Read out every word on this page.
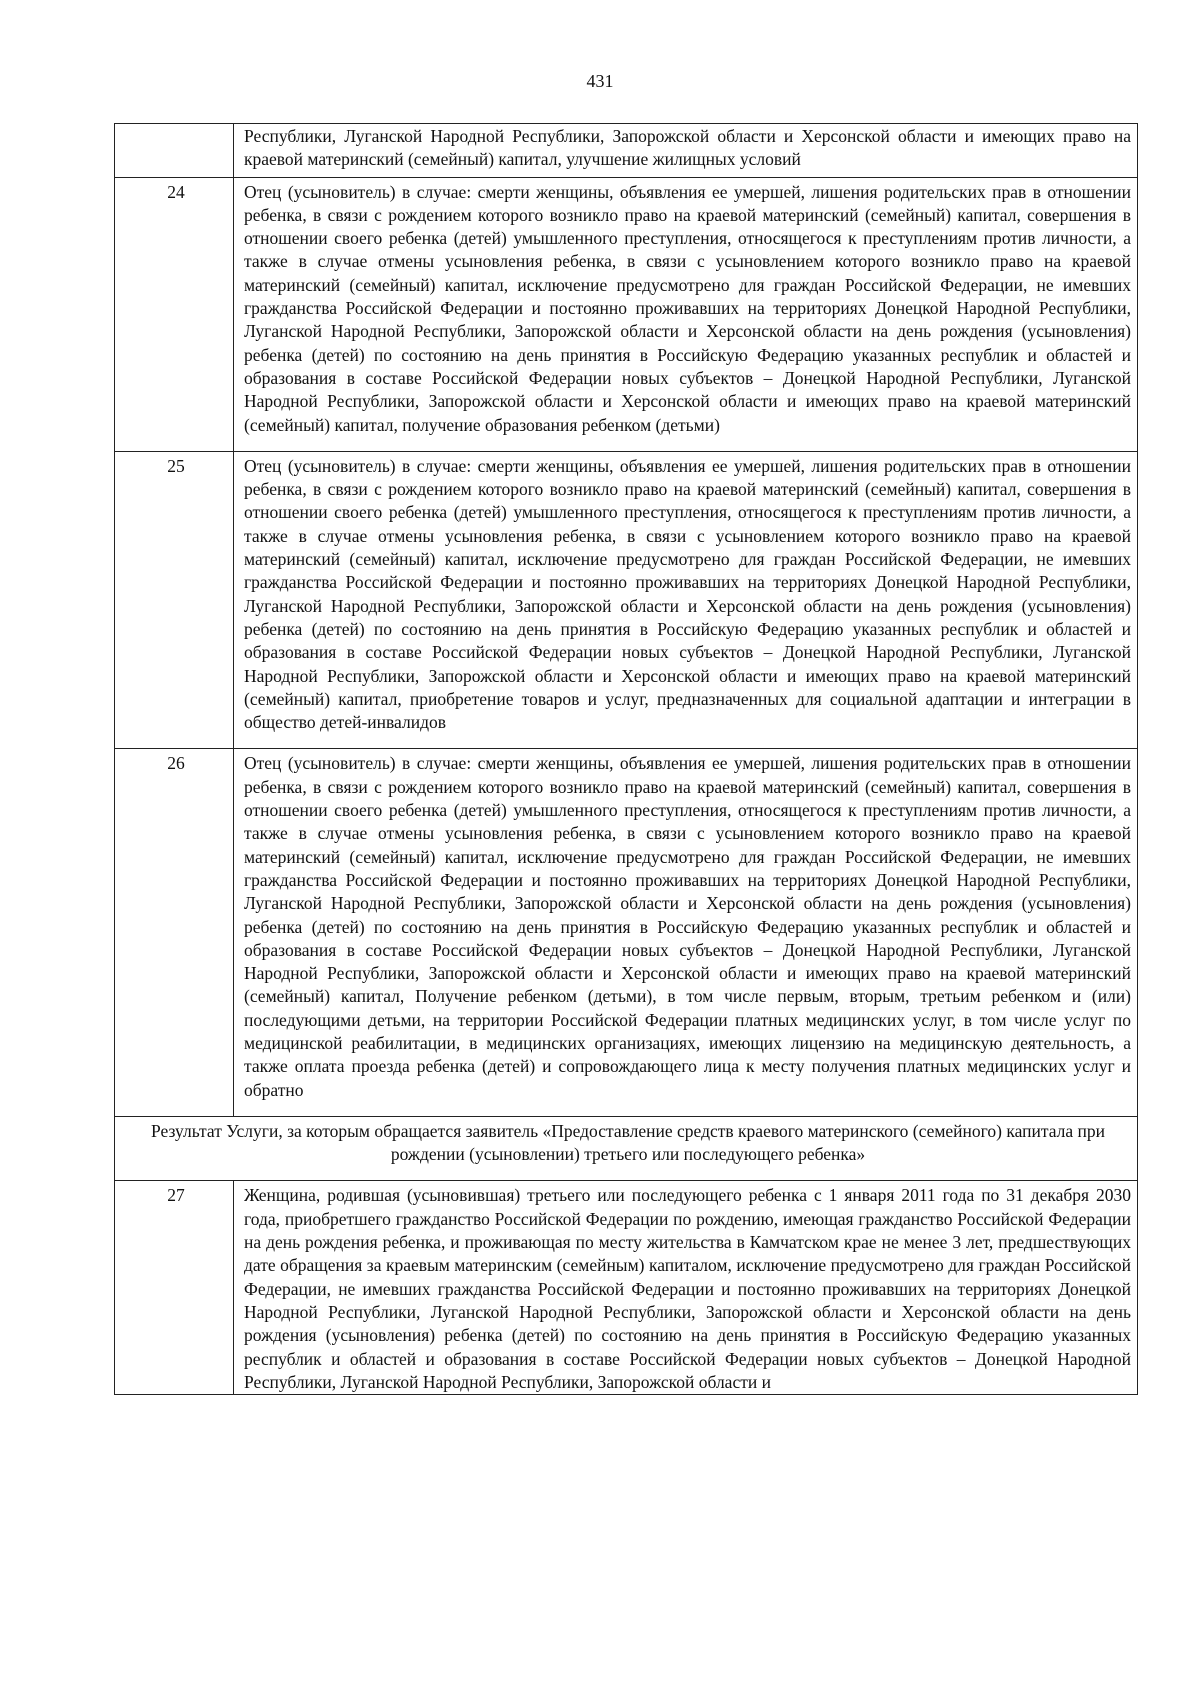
431
	Республики, Луганской Народной Республики, Запорожской области и Херсонской области и имеющих право на краевой материнский (семейный) капитал, улучшение жилищных условий
24	Отец (усыновитель) в случае: смерти женщины, объявления ее умершей, лишения родительских прав в отношении ребенка, в связи с рождением которого возникло право на краевой материнский (семейный) капитал, совершения в отношении своего ребенка (детей) умышленного преступления, относящегося к преступлениям против личности, а также в случае отмены усыновления ребенка, в связи с усыновлением которого возникло право на краевой материнский (семейный) капитал, исключение предусмотрено для граждан Российской Федерации, не имевших гражданства Российской Федерации и постоянно проживавших на территориях Донецкой Народной Республики, Луганской Народной Республики, Запорожской области и Херсонской области на день рождения (усыновления) ребенка (детей) по состоянию на день принятия в Российскую Федерацию указанных республик и областей и образования в составе Российской Федерации новых субъектов – Донецкой Народной Республики, Луганской Народной Республики, Запорожской области и Херсонской области и имеющих право на краевой материнский (семейный) капитал, получение образования ребенком (детьми)
25	Отец (усыновитель) в случае: смерти женщины, объявления ее умершей, лишения родительских прав в отношении ребенка, в связи с рождением которого возникло право на краевой материнский (семейный) капитал, совершения в отношении своего ребенка (детей) умышленного преступления, относящегося к преступлениям против личности, а также в случае отмены усыновления ребенка, в связи с усыновлением которого возникло право на краевой материнский (семейный) капитал, исключение предусмотрено для граждан Российской Федерации, не имевших гражданства Российской Федерации и постоянно проживавших на территориях Донецкой Народной Республики, Луганской Народной Республики, Запорожской области и Херсонской области на день рождения (усыновления) ребенка (детей) по состоянию на день принятия в Российскую Федерацию указанных республик и областей и образования в составе Российской Федерации новых субъектов – Донецкой Народной Республики, Луганской Народной Республики, Запорожской области и Херсонской области и имеющих право на краевой материнский (семейный) капитал, приобретение товаров и услуг, предназначенных для социальной адаптации и интеграции в общество детей-инвалидов
26	Отец (усыновитель) в случае: смерти женщины, объявления ее умершей, лишения родительских прав в отношении ребенка, в связи с рождением которого возникло право на краевой материнский (семейный) капитал, совершения в отношении своего ребенка (детей) умышленного преступления, относящегося к преступлениям против личности, а также в случае отмены усыновления ребенка, в связи с усыновлением которого возникло право на краевой материнский (семейный) капитал, исключение предусмотрено для граждан Российской Федерации, не имевших гражданства Российской Федерации и постоянно проживавших на территориях Донецкой Народной Республики, Луганской Народной Республики, Запорожской области и Херсонской области на день рождения (усыновления) ребенка (детей) по состоянию на день принятия в Российскую Федерацию указанных республик и областей и образования в составе Российской Федерации новых субъектов – Донецкой Народной Республики, Луганской Народной Республики, Запорожской области и Херсонской области и имеющих право на краевой материнский (семейный) капитал, Получение ребенком (детьми), в том числе первым, вторым, третьим ребенком и (или) последующими детьми, на территории Российской Федерации платных медицинских услуг, в том числе услуг по медицинской реабилитации, в медицинских организациях, имеющих лицензию на медицинскую деятельность, а также оплата проезда ребенка (детей) и сопровождающего лица к месту получения платных медицинских услуг и обратно
Результат Услуги, за которым обращается заявитель «Предоставление средств краевого материнского (семейного) капитала при рождении (усыновлении) третьего или последующего ребенка»	
27	Женщина, родившая (усыновившая) третьего или последующего ребенка с 1 января 2011 года по 31 декабря 2030 года, приобретшего гражданство Российской Федерации по рождению, имеющая гражданство Российской Федерации на день рождения ребенка, и проживающая по месту жительства в Камчатском крае не менее 3 лет, предшествующих дате обращения за краевым материнским (семейным) капиталом, исключение предусмотрено для граждан Российской Федерации, не имевших гражданства Российской Федерации и постоянно проживавших на территориях Донецкой Народной Республики, Луганской Народной Республики, Запорожской области и Херсонской области на день рождения (усыновления) ребенка (детей) по состоянию на день принятия в Российскую Федерацию указанных республик и областей и образования в составе Российской Федерации новых субъектов – Донецкой Народной Республики, Луганской Народной Республики, Запорожской области и
